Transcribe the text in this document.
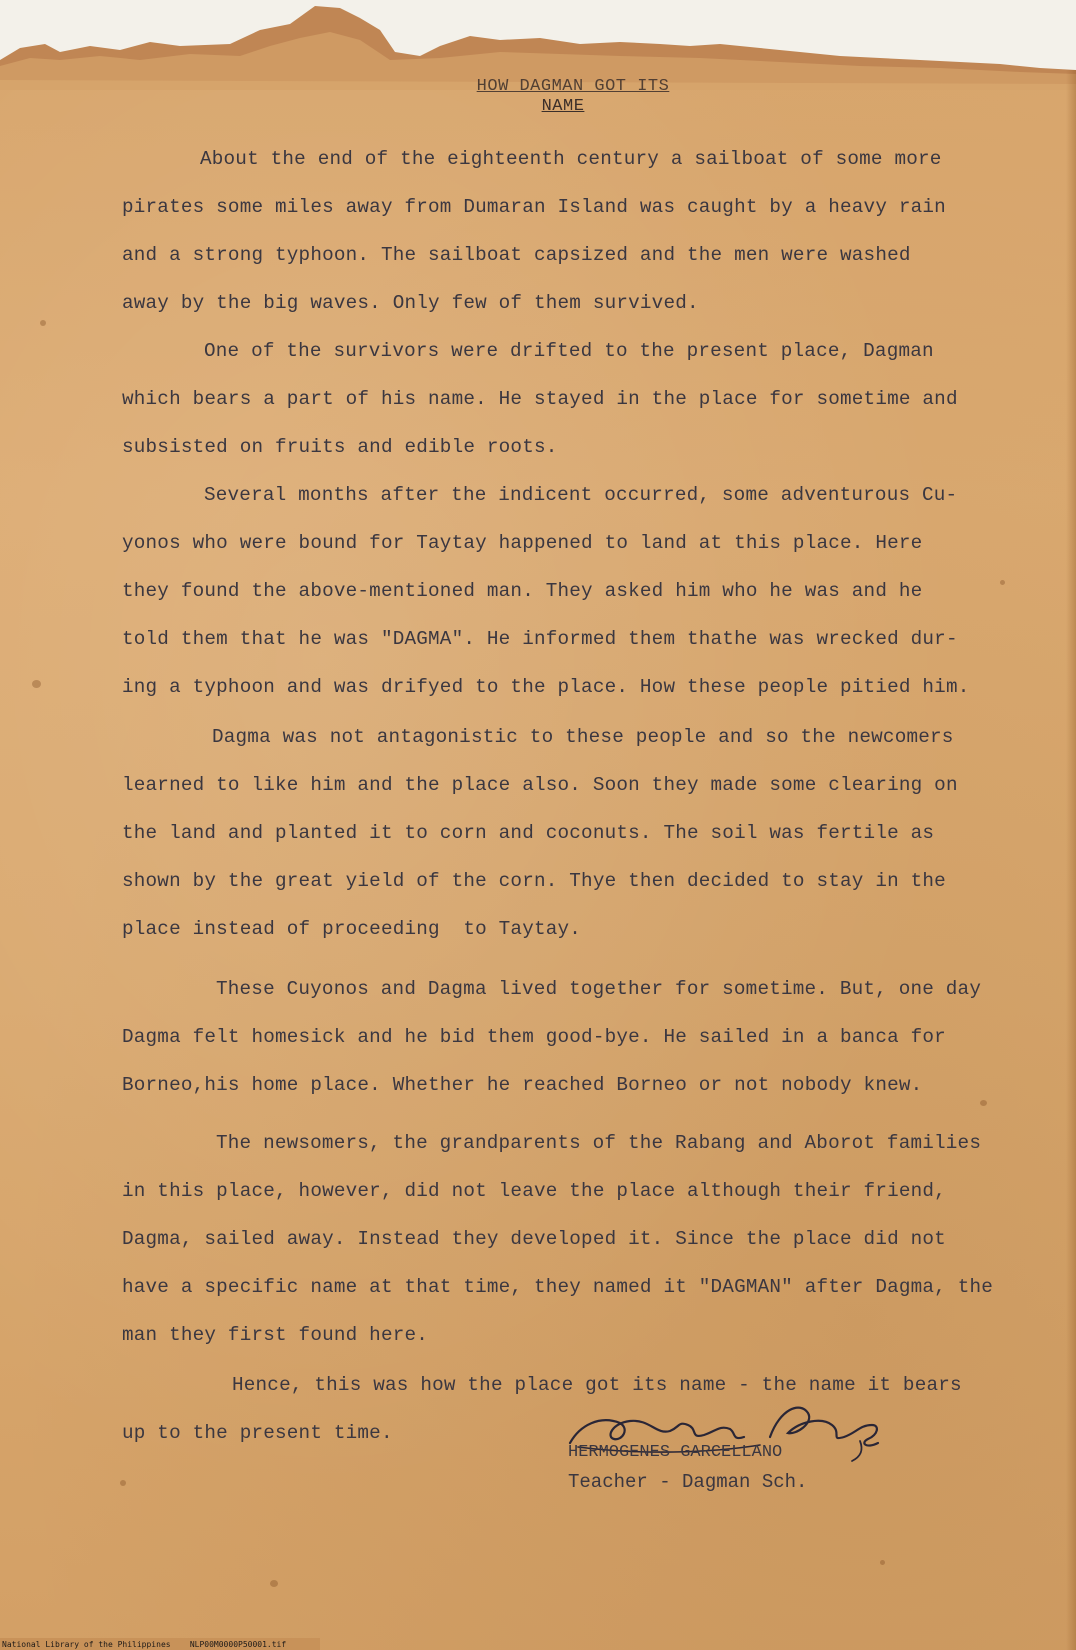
HOW DAGMAN GOT ITS
NAME
About the end of the eighteenth century a sailboat of some more
pirates some miles away from Dumaran Island was caught by a heavy rain
and a strong typhoon. The sailboat capsized and the men were washed
away by the big waves. Only few of them survived.
One of the survivors were drifted to the present place, Dagman
which bears a part of his name. He stayed in the place for sometime and
subsisted on fruits and edible roots.
Several months after the indicent occurred, some adventurous Cu-
yonos who were bound for Taytay happened to land at this place. Here
they found the above-mentioned man. They asked him who he was and he
told them that he was "DAGMA". He informed them thathe was wrecked dur-
ing a typhoon and was drifyed to the place. How these people pitied him.
Dagma was not antagonistic to these people and so the newcomers
learned to like him and the place also. Soon they made some clearing on
the land and planted it to corn and coconuts. The soil was fertile as
shown by the great yield of the corn. Thye then decided to stay in the
place instead of proceeding  to Taytay.
These Cuyonos and Dagma lived together for sometime. But, one day
Dagma felt homesick and he bid them good-bye. He sailed in a banca for
Borneo,his home place. Whether he reached Borneo or not nobody knew.
The newsomers, the grandparents of the Rabang and Aborot families
in this place, however, did not leave the place although their friend,
Dagma, sailed away. Instead they developed it. Since the place did not
have a specific name at that time, they named it "DAGMAN" after Dagma, the
man they first found here.
Hence, this was how the place got its name - the name it bears
up to the present time.
HERMOGENES GARCELLANO
Teacher - Dagman Sch.
National Library of the Philippines    NLP00M0000P50001.tif
